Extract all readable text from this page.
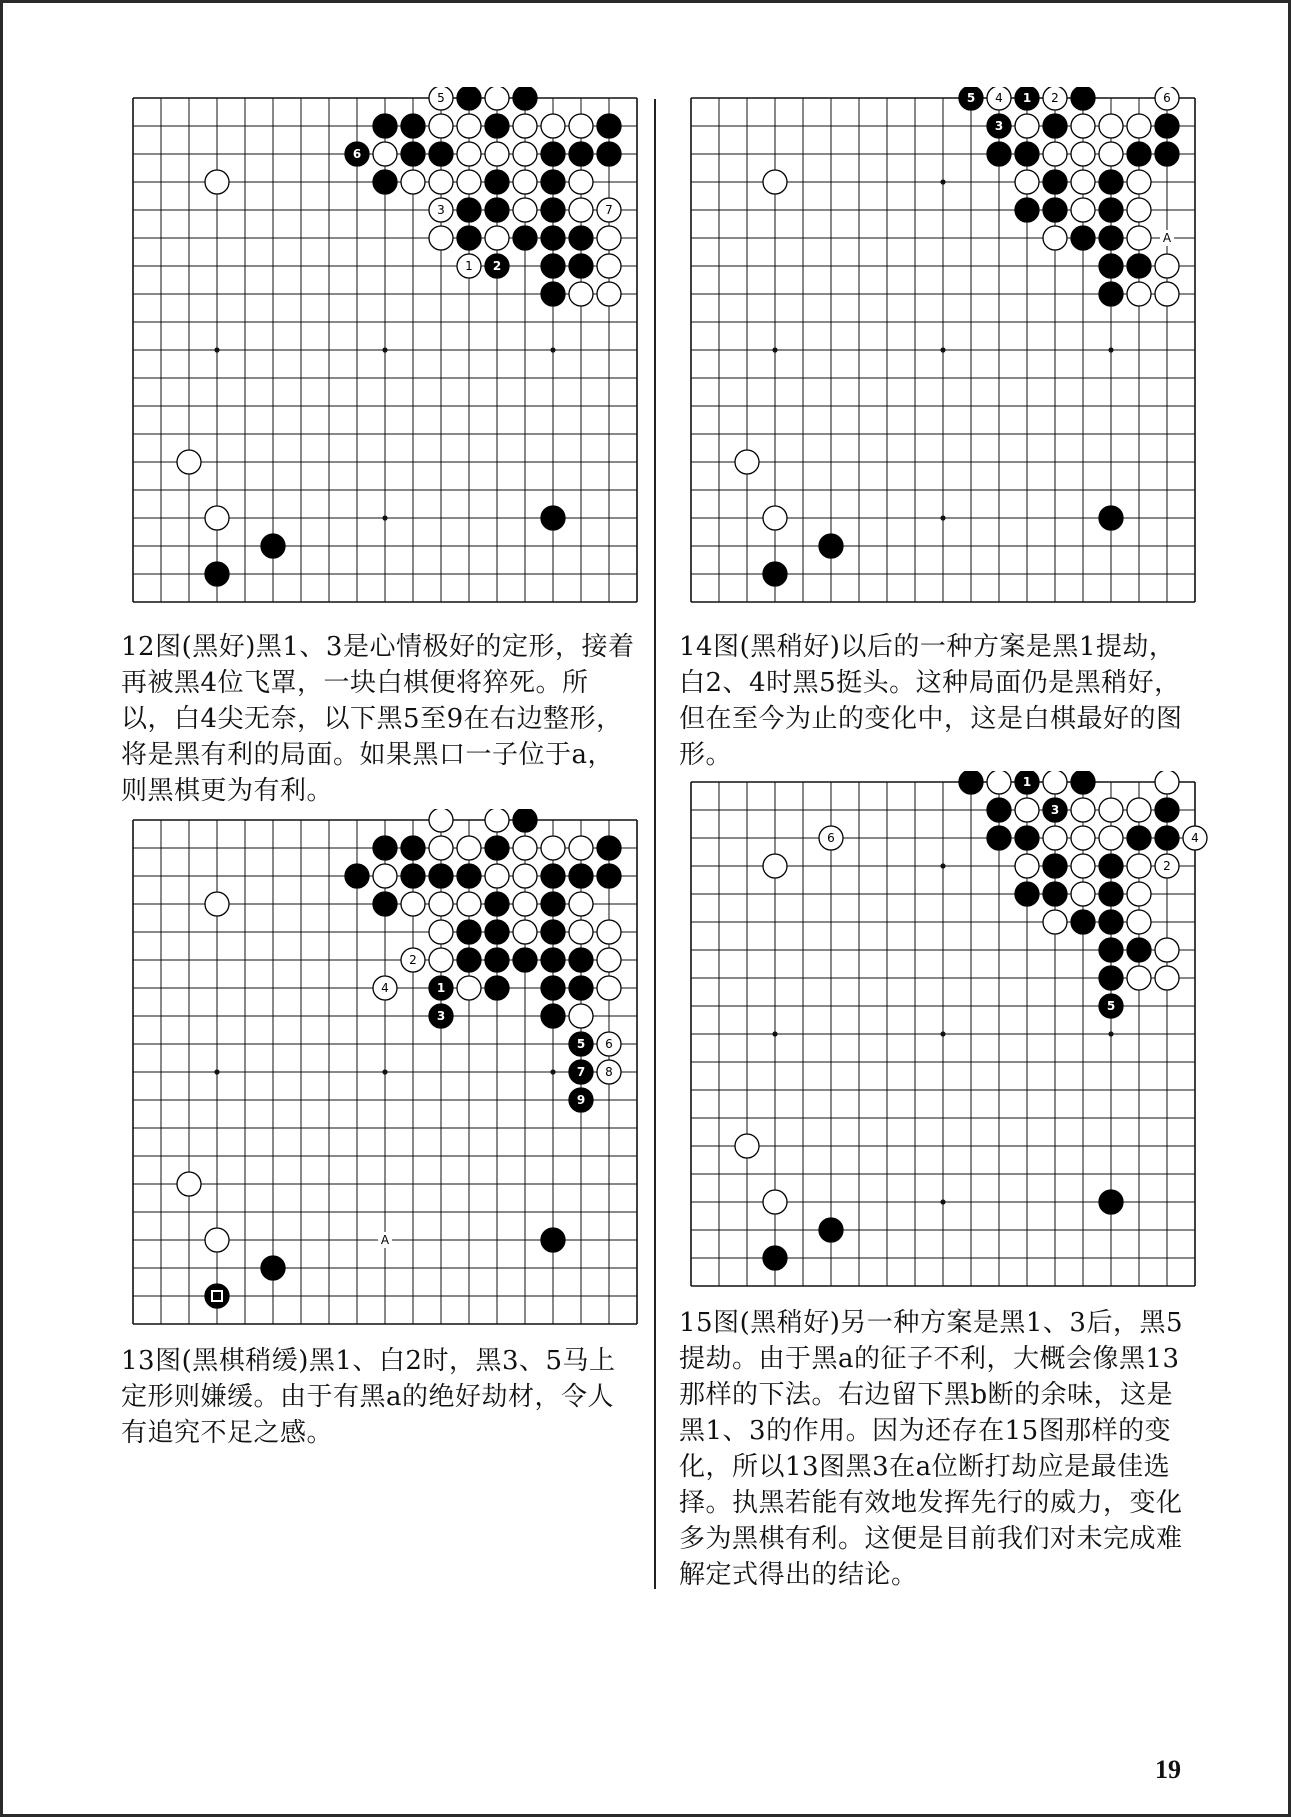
5
6
3	7
1 2
5 4 1 2	6
3
A

12图(黑好)黑1、3是心情极好的定形，接着再被黑4位飞罩，一块白棋便将猝死。所以，白4尖无奈，以下黑5至9在右边整形，将是黑有利的局面。如果黑口一子位于a，则黑棋更为有利。

14图(黑稍好)以后的一种方案是黑1提劫，白2、4时黑5挺头。这种局面仍是黑稍好，但在至今为止的变化中，这是白棋最好的图形。

2
4	1
3
5 6
7 8
9
A
1
3
6	4
2
5

13图(黑棋稍缓)黑1、白2时，黑3、5马上定形则嫌缓。由于有黑a的绝好劫材，令人有追究不足之感。

15图(黑稍好)另一种方案是黑1、3后，黑5提劫。由于黑a的征子不利，大概会像黑13那样的下法。右边留下黑b断的余味，这是黑1、3的作用。因为还存在15图那样的变化，所以13图黑3在a位断打劫应是最佳选择。执黑若能有效地发挥先行的威力，变化多为黑棋有利。这便是目前我们对未完成难解定式得出的结论。

19
